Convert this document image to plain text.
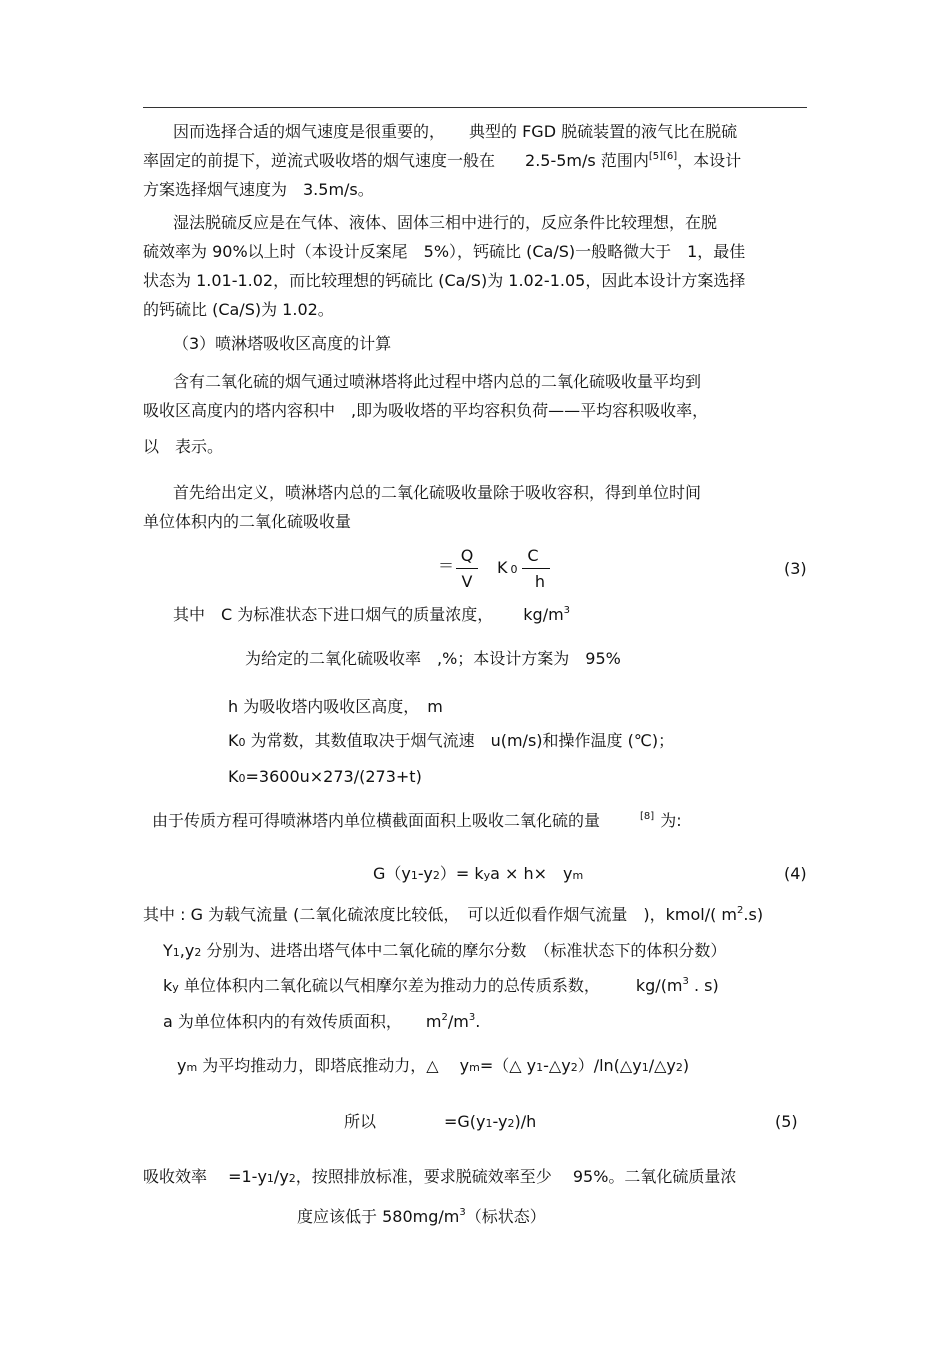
因而选择合适的烟气速度是很重要的，　　典型的 FGD 脱硫装置的液气比在脱硫
率固定的前提下，逆流式吸收塔的烟气速度一般在 2.5-5m/s 范围内[5][6]，本设计
方案选择烟气速度为　3.5m/s。
湿法脱硫反应是在气体、液体、固体三相中进行的，反应条件比较理想，在脱
硫效率为 90%以上时（本设计反案尾　5%），钙硫比 (Ca/S)一般略微大于　1，最佳
状态为 1.01-1.02，而比较理想的钙硫比 (Ca/S)为 1.02-1.05，因此本设计方案选择
的钙硫比 (Ca/S)为 1.02。
（3）喷淋塔吸收区高度的计算
含有二氧化硫的烟气通过喷淋塔将此过程中塔内总的二氧化硫吸收量平均到
吸收区高度内的塔内容积中　,即为吸收塔的平均容积负荷——平均容积吸收率，
以　表示。
首先给出定义，喷淋塔内总的二氧化硫吸收量除于吸收容积，得到单位时间
单位体积内的二氧化硫吸收量
＝
Q
V
K 0
C
h
(3)
其中　C 为标准状态下进口烟气的质量浓度， $kg/m^3$
为给定的二氧化硫吸收率　,%；本设计方案为　95%
h 为吸收塔内吸收区高度，　m
K0 为常数，其数值取决于烟气流速　u(m/s)和操作温度 (℃)；
K0=3600u×273/(273+t)
由于传质方程可得喷淋塔内单位横截面面积上吸收二氧化硫的量	[8] 为:
G（y1-y2）= kya × h×　ym	(4)
其中 : G 为载气流量 (二氧化硫浓度比较低，　可以近似看作烟气流量　)，kmol/( $m^2.s$)
Y1,y2 分别为、进塔出塔气体中二氧化硫的摩尔分数　（标准状态下的体积分数）
ky 单位体积内二氧化硫以气相摩尔差为推动力的总传质系数， $kg/(m^3$ . s)
a 为单位体积内的有效传质面积， $m^2/m^3$.
ym 为平均推动力，即塔底推动力，△　 ym=（△ y1-△y2）/ln(△y1/△y2)
所以	=G(y1-y2)/h	(5)
吸收效率　 =1-y1/y2，按照排放标准，要求脱硫效率至少　 95%。二氧化硫质量浓
度应该低于 $580mg/m^3$（标状态）
